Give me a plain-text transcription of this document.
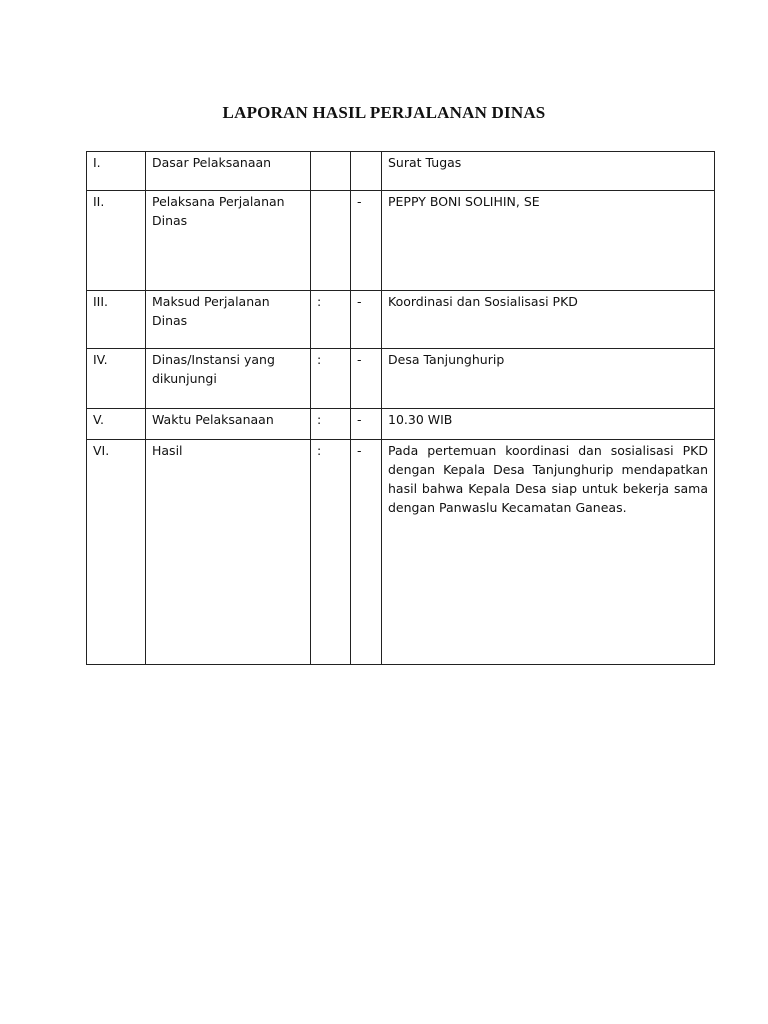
LAPORAN HASIL PERJALANAN DINAS
I.	Dasar Pelaksanaan			Surat Tugas
II.	Pelaksana Perjalanan Dinas		-	PEPPY BONI SOLIHIN, SE
III.	Maksud Perjalanan Dinas	:	-	Koordinasi dan Sosialisasi PKD
IV.	Dinas/Instansi yang dikunjungi	:	-	Desa Tanjunghurip
V.	Waktu Pelaksanaan	:	-	10.30 WIB
VI.	Hasil	:	-	Pada pertemuan koordinasi dan sosialisasi PKD dengan Kepala Desa Tanjunghurip mendapatkan hasil bahwa Kepala Desa siap untuk bekerja sama dengan Panwaslu Kecamatan Ganeas.
